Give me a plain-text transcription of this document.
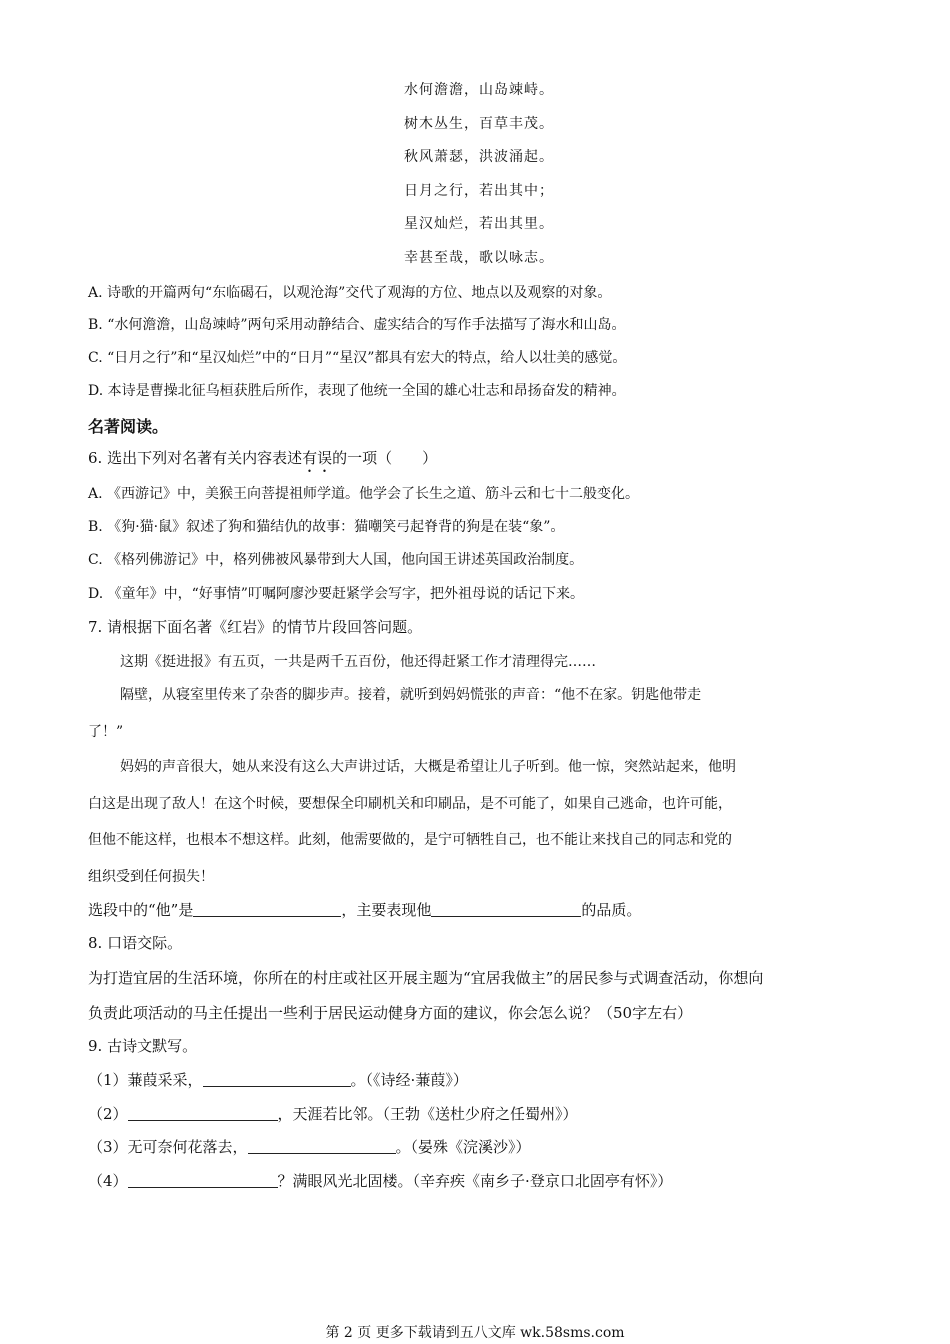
水何澹澹，山岛竦峙。
树木丛生，百草丰茂。
秋风萧瑟，洪波涌起。
日月之行，若出其中；
星汉灿烂，若出其里。
幸甚至哉，歌以咏志。
A. 诗歌的开篇两句“东临碣石，以观沧海”交代了观海的方位、地点以及观察的对象。
B. “水何澹澹，山岛竦峙”两句采用动静结合、虚实结合的写作手法描写了海水和山岛。
C. “日月之行”和“星汉灿烂”中的“日月”“星汉”都具有宏大的特点，给人以壮美的感觉。
D. 本诗是曹操北征乌桓获胜后所作，表现了他统一全国的雄心壮志和昂扬奋发的精神。
名著阅读。
6. 选出下列对名著有关内容表述有误的一项（　　）
A. 《西游记》中，美猴王向菩提祖师学道。他学会了长生之道、筋斗云和七十二般变化。
B. 《狗·猫·鼠》叙述了狗和猫结仇的故事：猫嘲笑弓起脊背的狗是在装“象”。
C. 《格列佛游记》中，格列佛被风暴带到大人国，他向国王讲述英国政治制度。
D. 《童年》中，“好事情”叮嘱阿廖沙要赶紧学会写字，把外祖母说的话记下来。
7. 请根据下面名著《红岩》的情节片段回答问题。
这期《挺进报》有五页，一共是两千五百份，他还得赶紧工作才清理得完……
隔壁，从寝室里传来了杂沓的脚步声。接着，就听到妈妈慌张的声音：“他不在家。钥匙他带走
了！”
妈妈的声音很大，她从来没有这么大声讲过话，大概是希望让儿子听到。他一惊，突然站起来，他明
白这是出现了敌人！在这个时候，要想保全印刷机关和印刷品，是不可能了，如果自己逃命，也许可能，
但他不能这样，也根本不想这样。此刻，他需要做的，是宁可牺牲自己，也不能让来找自己的同志和党的
组织受到任何损失！
选段中的“他”是	，主要表现他	的品质。
8. 口语交际。
为打造宜居的生活环境，你所在的村庄或社区开展主题为“宜居我做主”的居民参与式调查活动，你想向
负责此项活动的马主任提出一些利于居民运动健身方面的建议，你会怎么说？（50字左右）
9. 古诗文默写。
（1）蒹葭采采，	。（《诗经·蒹葭》）
（2）	，天涯若比邻。（王勃《送杜少府之任蜀州》）
（3）无可奈何花落去，	。（晏殊《浣溪沙》）
（4）	？满眼风光北固楼。（辛弃疾《南乡子·登京口北固亭有怀》）
第 2 页 更多下载请到五八文库 wk.58sms.com
